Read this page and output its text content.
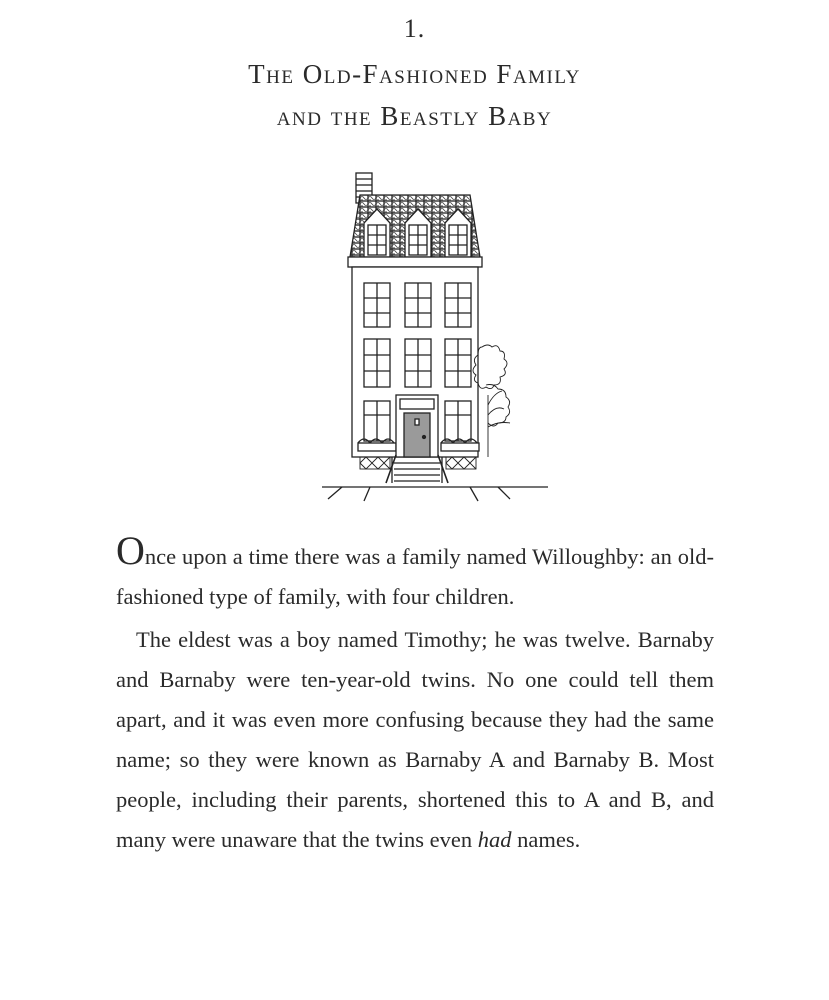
1.
The Old-Fashioned Family
and the Beastly Baby

Once upon a time there was a family named Willoughby: an old-fashioned type of family, with four children.

The eldest was a boy named Timothy; he was twelve. Barnaby and Barnaby were ten-year-old twins. No one could tell them apart, and it was even more confusing because they had the same name; so they were known as Barnaby A and Barnaby B. Most people, including their parents, shortened this to A and B, and many were unaware that the twins even had names.
